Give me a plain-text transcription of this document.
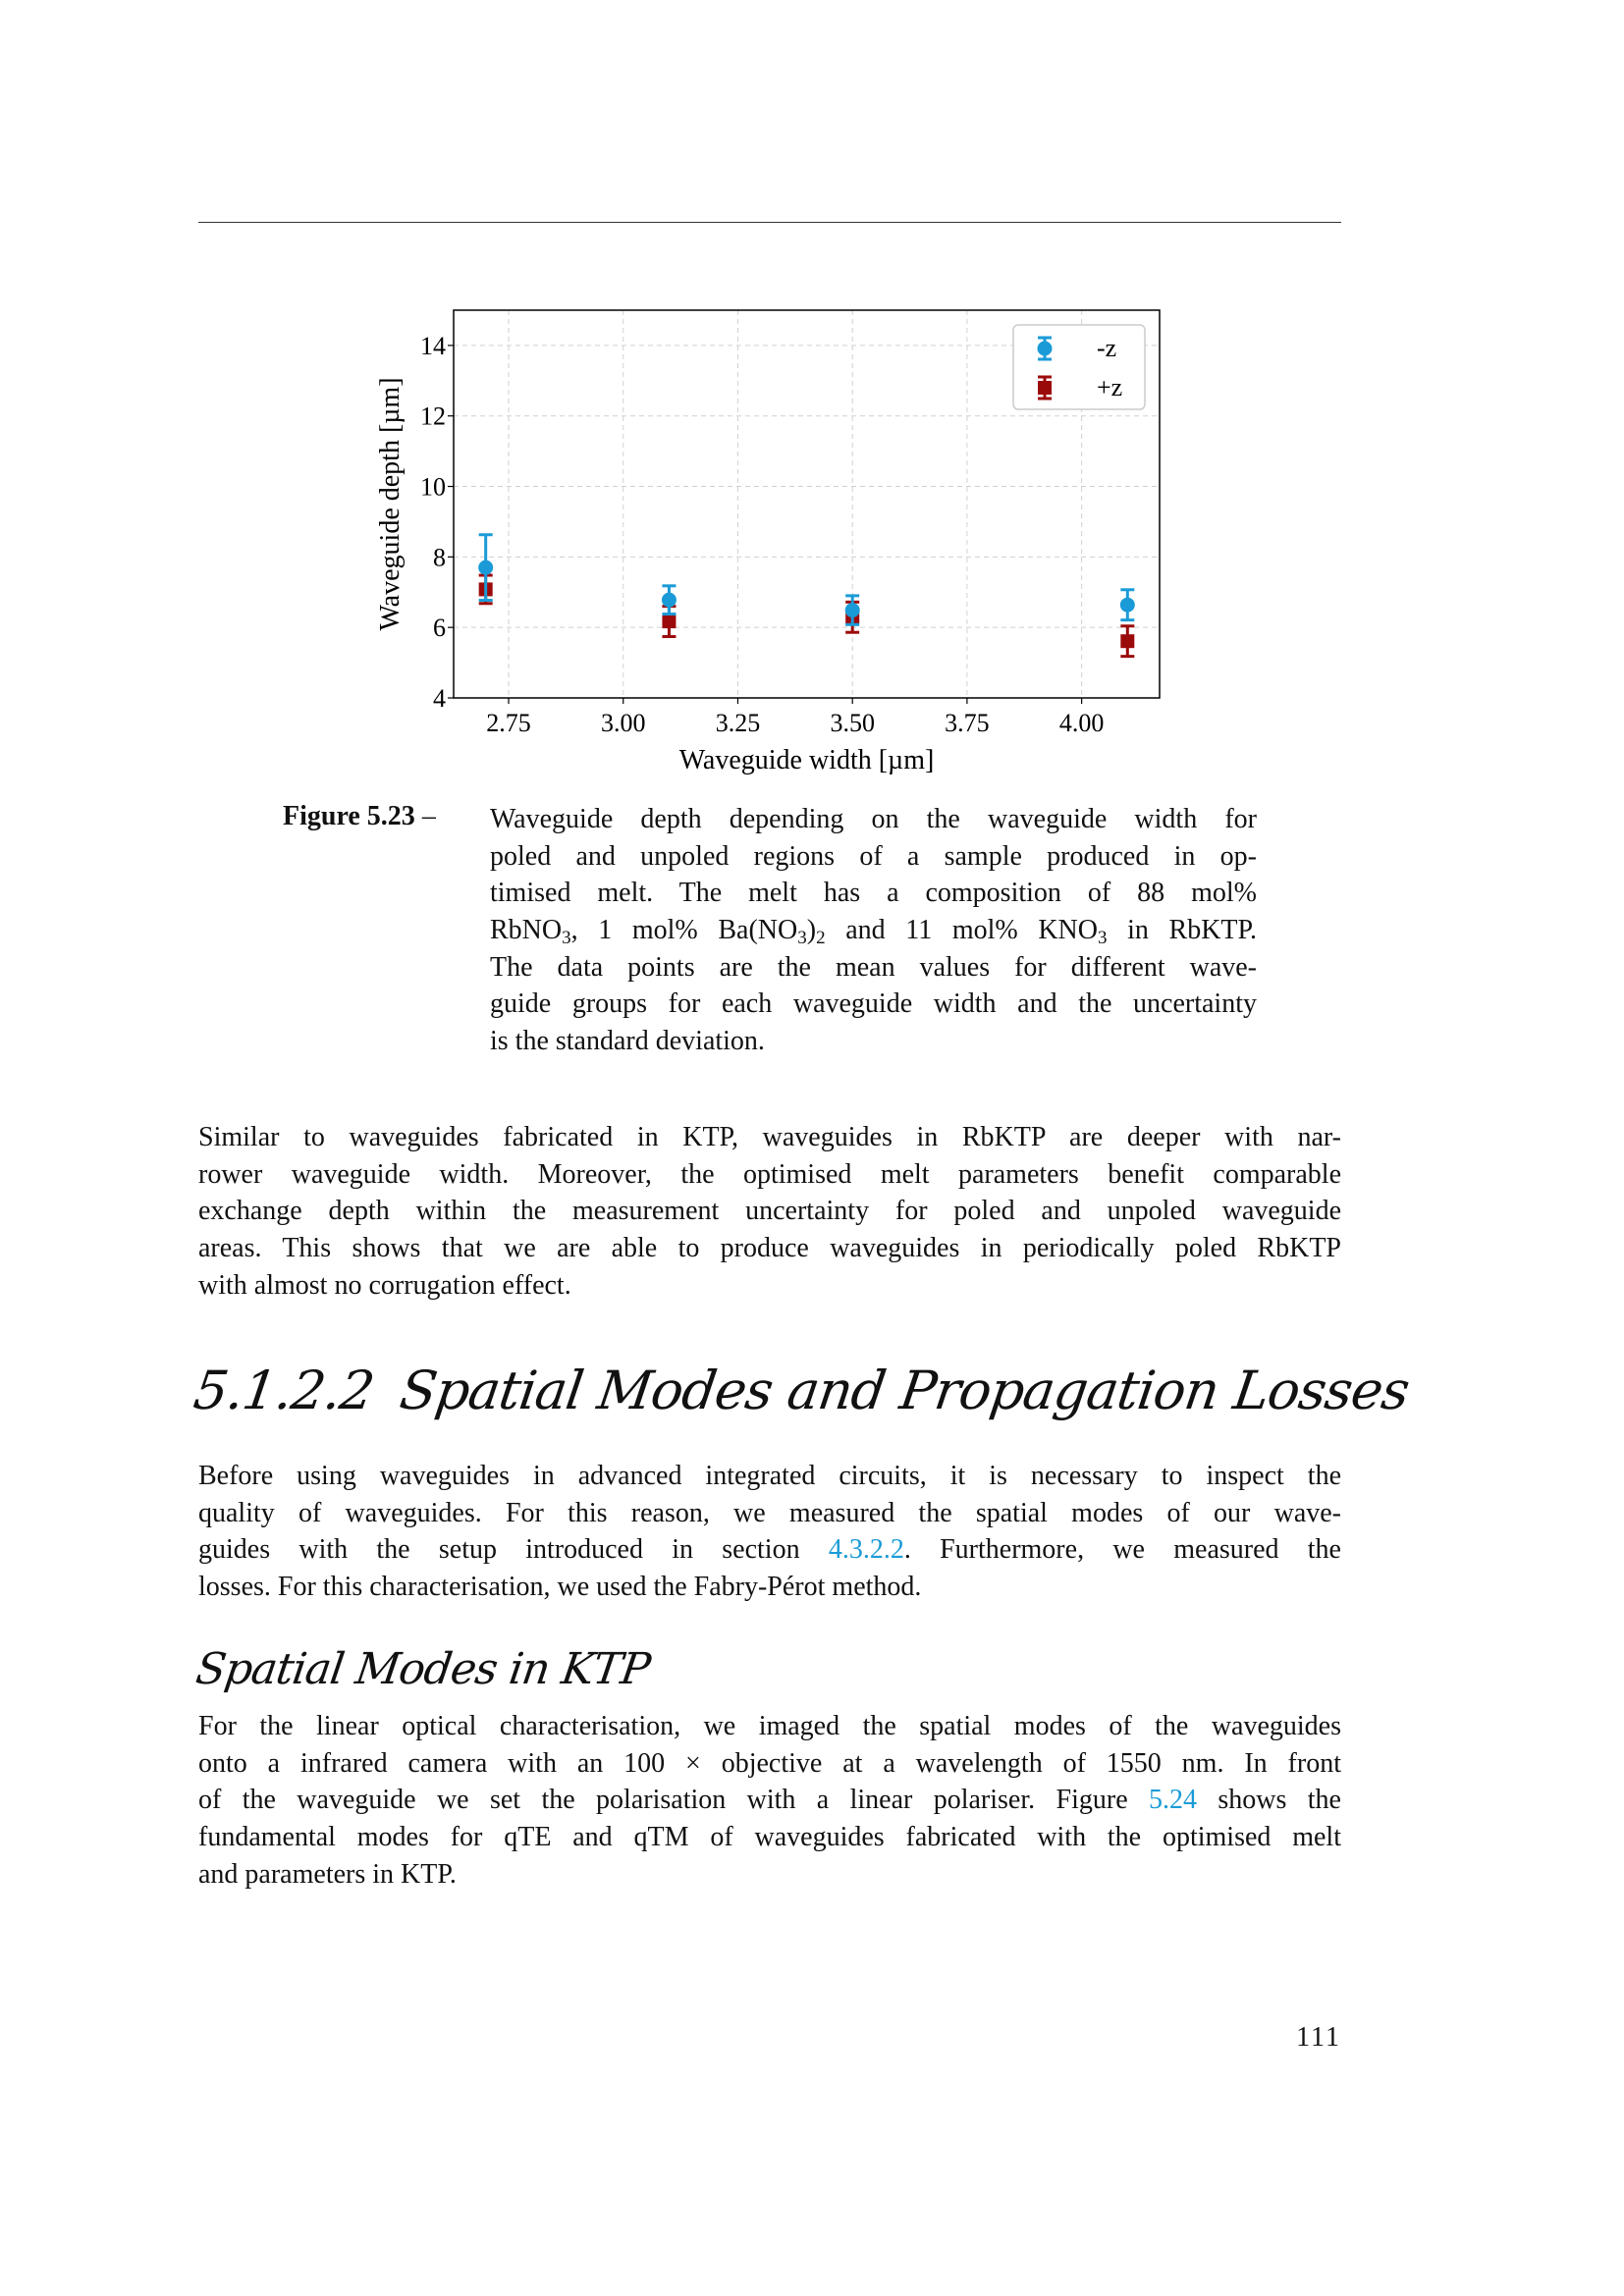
2.75	3.00	3.25	3.50	3.75	4.00
4
6
8
10
12
14
Waveguide width [µm]
Waveguide depth [µm]
-z
+z
Figure 5.23 – Waveguide depth depending on the waveguide width for
poled and unpoled regions of a sample produced in op-
timised melt. The melt has a composition of 88 mol%
RbNO$_3$, 1 mol% $Ba(NO_3)_2$ and 11 mol% $KNO_3$ in RbKTP.
The data points are the mean values for different wave-
guide groups for each waveguide width and the uncertainty
is the standard deviation.
Similar to waveguides fabricated in KTP, waveguides in RbKTP are deeper with nar-
rower waveguide width. Moreover, the optimised melt parameters benefit comparable
exchange depth within the measurement uncertainty for poled and unpoled waveguide
areas. This shows that we are able to produce waveguides in periodically poled RbKTP
with almost no corrugation effect.
5.1.2.2 Spatial Modes and Propagation Losses
Before using waveguides in advanced integrated circuits, it is necessary to inspect the
quality of waveguides. For this reason, we measured the spatial modes of our wave-
guides with the setup introduced in section 4.3.2.2. Furthermore, we measured the
losses. For this characterisation, we used the Fabry-Pérot method.
Spatial Modes in KTP
For the linear optical characterisation, we imaged the spatial modes of the waveguides
onto a infrared camera with an 100 × objective at a wavelength of 1550 nm. In front
of the waveguide we set the polarisation with a linear polariser. Figure 5.24 shows the
fundamental modes for qTE and qTM of waveguides fabricated with the optimised melt
and parameters in KTP.
111
